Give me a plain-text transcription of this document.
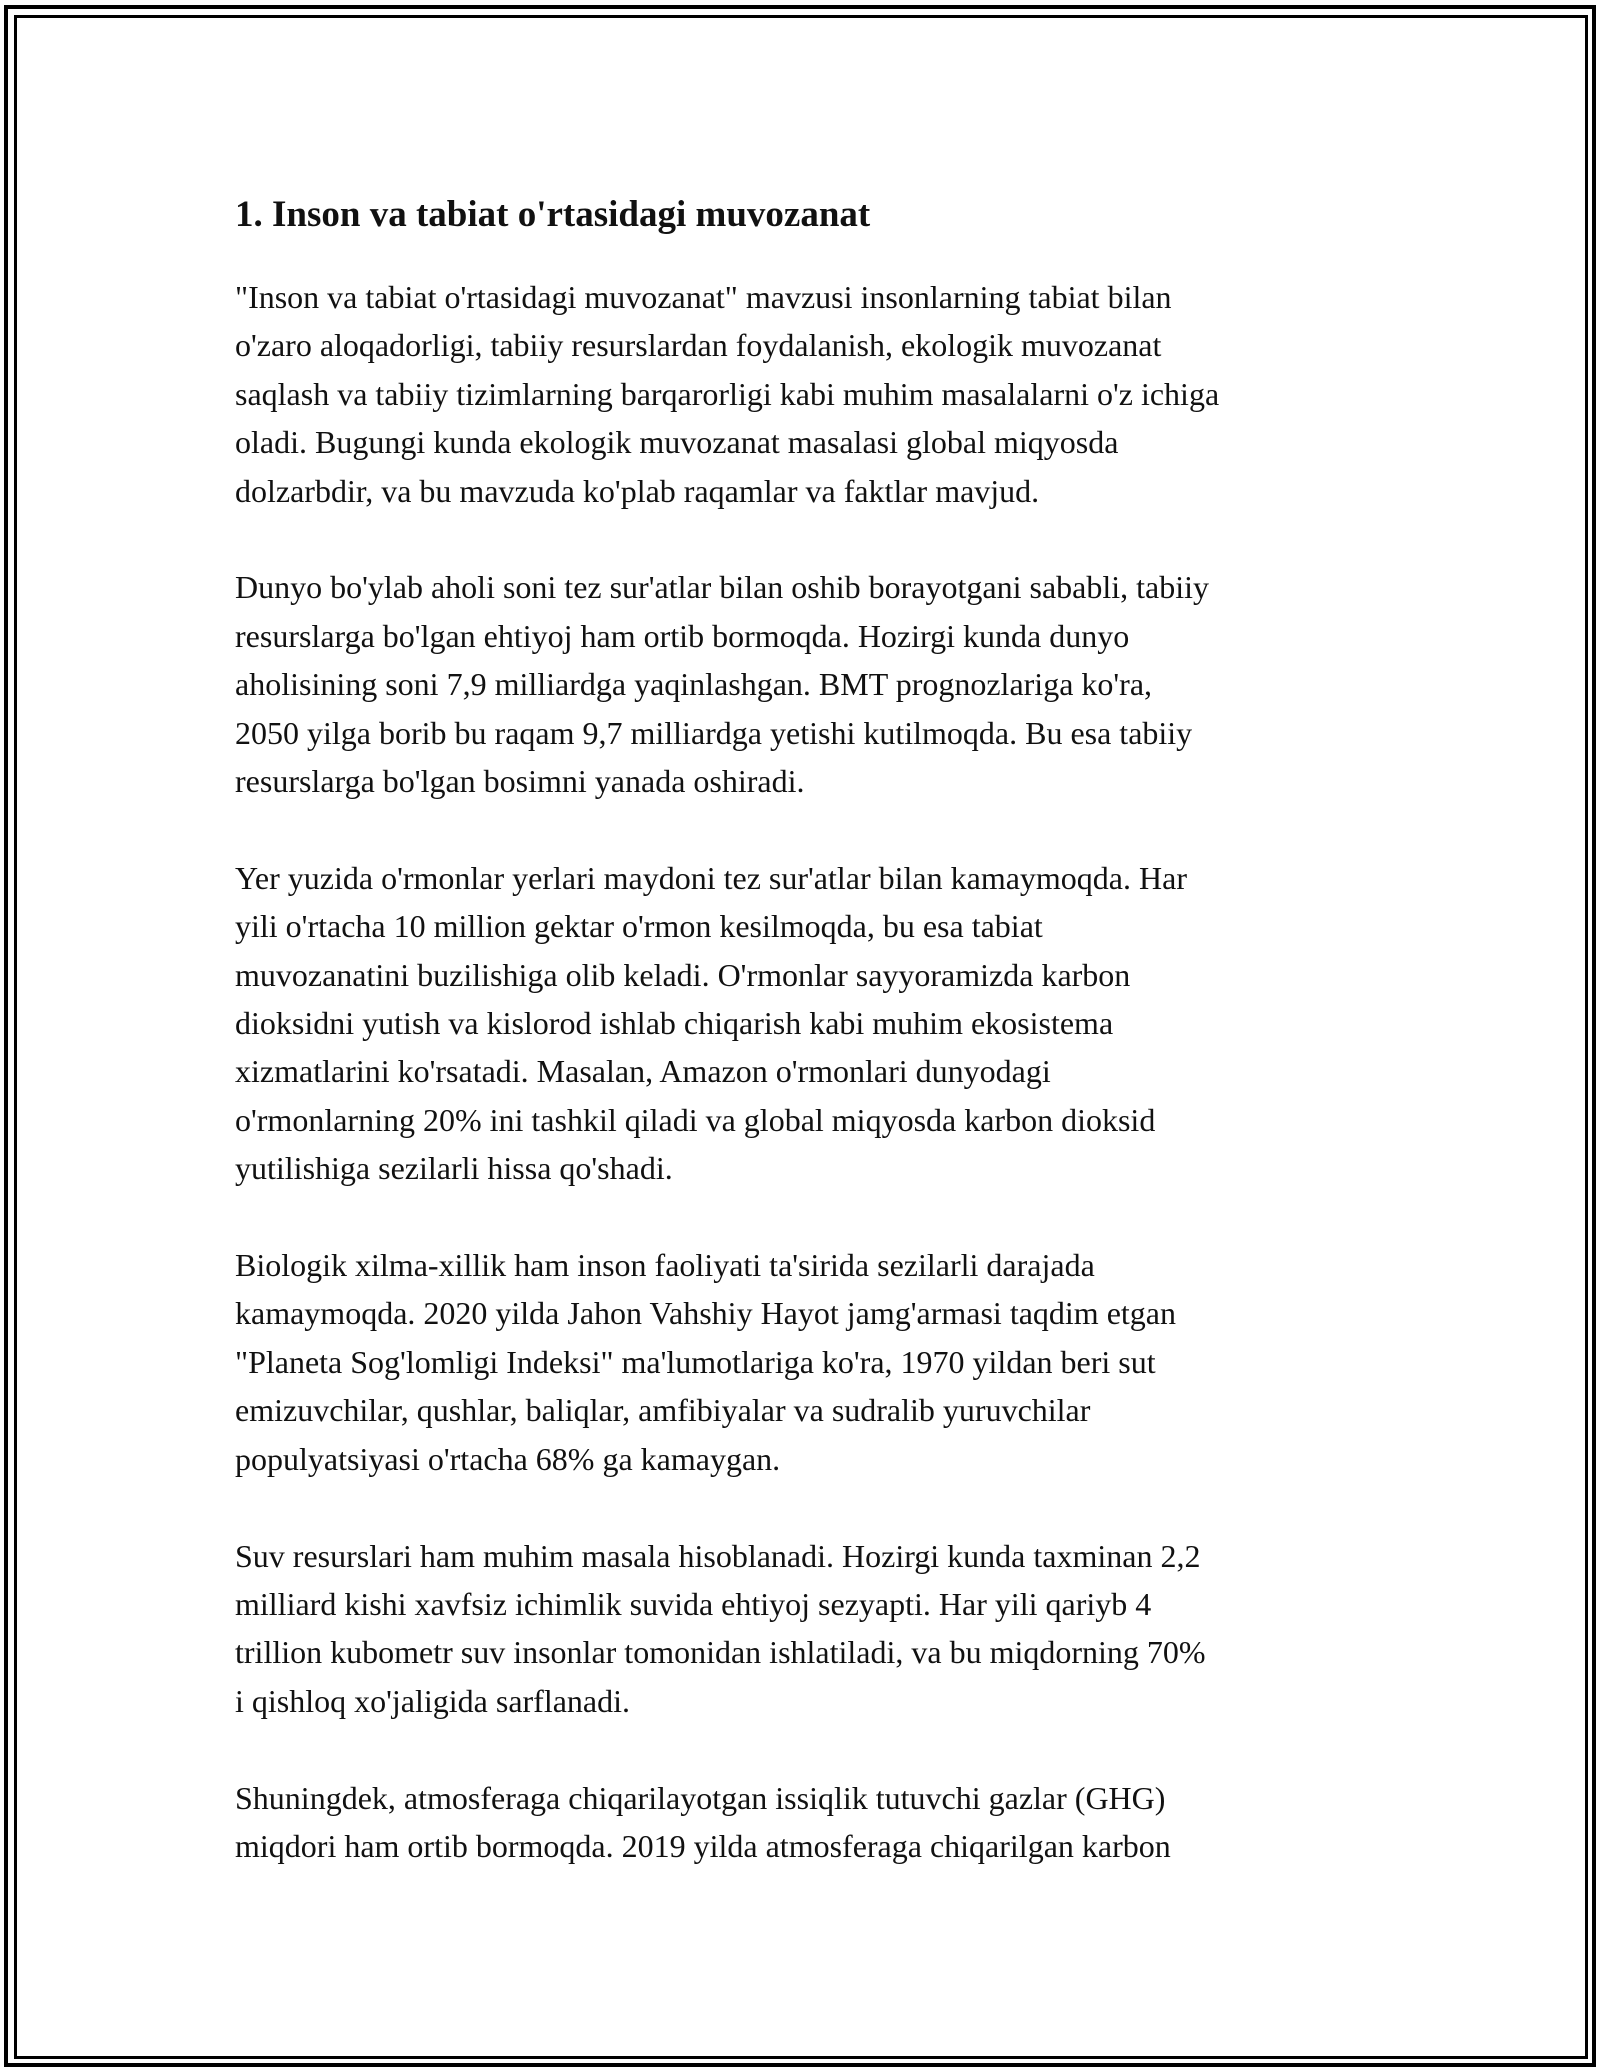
1. Inson va tabiat o'rtasidagi muvozanat

"Inson va tabiat o'rtasidagi muvozanat" mavzusi insonlarning tabiat bilan
o'zaro aloqadorligi, tabiiy resurslardan foydalanish, ekologik muvozanat
saqlash va tabiiy tizimlarning barqarorligi kabi muhim masalalarni o'z ichiga
oladi. Bugungi kunda ekologik muvozanat masalasi global miqyosda
dolzarbdir, va bu mavzuda ko'plab raqamlar va faktlar mavjud.

Dunyo bo'ylab aholi soni tez sur'atlar bilan oshib borayotgani sababli, tabiiy
resurslarga bo'lgan ehtiyoj ham ortib bormoqda. Hozirgi kunda dunyo
aholisining soni 7,9 milliardga yaqinlashgan. BMT prognozlariga ko'ra,
2050 yilga borib bu raqam 9,7 milliardga yetishi kutilmoqda. Bu esa tabiiy
resurslarga bo'lgan bosimni yanada oshiradi.

Yer yuzida o'rmonlar yerlari maydoni tez sur'atlar bilan kamaymoqda. Har
yili o'rtacha 10 million gektar o'rmon kesilmoqda, bu esa tabiat
muvozanatini buzilishiga olib keladi. O'rmonlar sayyoramizda karbon
dioksidni yutish va kislorod ishlab chiqarish kabi muhim ekosistema
xizmatlarini ko'rsatadi. Masalan, Amazon o'rmonlari dunyodagi
o'rmonlarning 20% ini tashkil qiladi va global miqyosda karbon dioksid
yutilishiga sezilarli hissa qo'shadi.

Biologik xilma-xillik ham inson faoliyati ta'sirida sezilarli darajada
kamaymoqda. 2020 yilda Jahon Vahshiy Hayot jamg'armasi taqdim etgan
"Planeta Sog'lomligi Indeksi" ma'lumotlariga ko'ra, 1970 yildan beri sut
emizuvchilar, qushlar, baliqlar, amfibiyalar va sudralib yuruvchilar
populyatsiyasi o'rtacha 68% ga kamaygan.

Suv resurslari ham muhim masala hisoblanadi. Hozirgi kunda taxminan 2,2
milliard kishi xavfsiz ichimlik suvida ehtiyoj sezyapti. Har yili qariyb 4
trillion kubometr suv insonlar tomonidan ishlatiladi, va bu miqdorning 70%
i qishloq xo'jaligida sarflanadi.

Shuningdek, atmosferaga chiqarilayotgan issiqlik tutuvchi gazlar (GHG)
miqdori ham ortib bormoqda. 2019 yilda atmosferaga chiqarilgan karbon
